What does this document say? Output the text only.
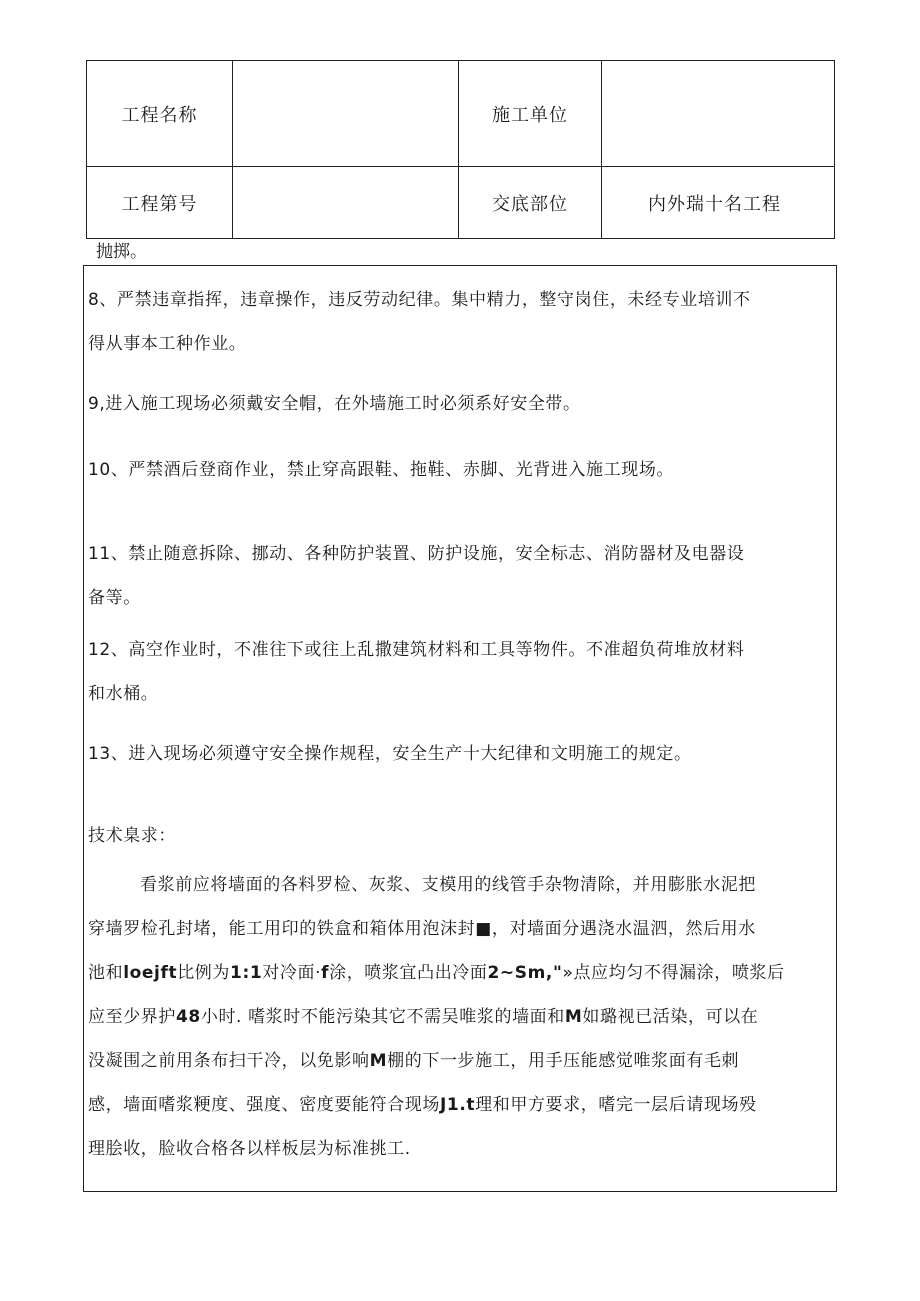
工程名称		施工单位	
工程第号		交底部位	内外瑞十名工程
抛掷。

8、严禁违章指挥，违章操作，违反劳动纪律。集中精力，整守岗住，未经专业培训不
得从事本工种作业。

9,进入施工现场必须戴安全帽，在外墙施工时必须系好安全带。

10、严禁酒后登商作业，禁止穿高跟鞋、拖鞋、赤脚、光背进入施工现场。

11、禁止随意拆除、挪动、各种防护装置、防护设施，安全标志、消防器材及电器设
备等。

12、高空作业时，不准往下或往上乱撒建筑材料和工具等物件。不准超负荷堆放材料
和水桶。

13、进入现场必须遵守安全操作规程，安全生产十大纪律和文明施工的规定。

技术臬求：

看浆前应将墙面的各料罗检、灰浆、支模用的线管手杂物清除，并用膨胀水泥把
穿墙罗检孔封堵，能工用印的铁盒和箱体用泡沫封■，对墙面分遇浇水温泗，然后用水
池和loejft比例为1:1对冷面·f涂，喷浆宜凸出冷面2~Sm,"»点应均匀不得漏涂，喷浆后
应至少界护48小时. 嗜浆时不能污染其它不需吴唯浆的墙面和M如璐视已活染，可以在
没凝围之前用条布扫干冷，以免影响M棚的下一步施工，用手压能感觉唯浆面有毛刺
感，墙面嗜浆粳度、强度、密度要能符合现场J1.t理和甲方要求，嗜完一层后请现场殁
理脍收，脸收合格各以样板层为标准挑工.
